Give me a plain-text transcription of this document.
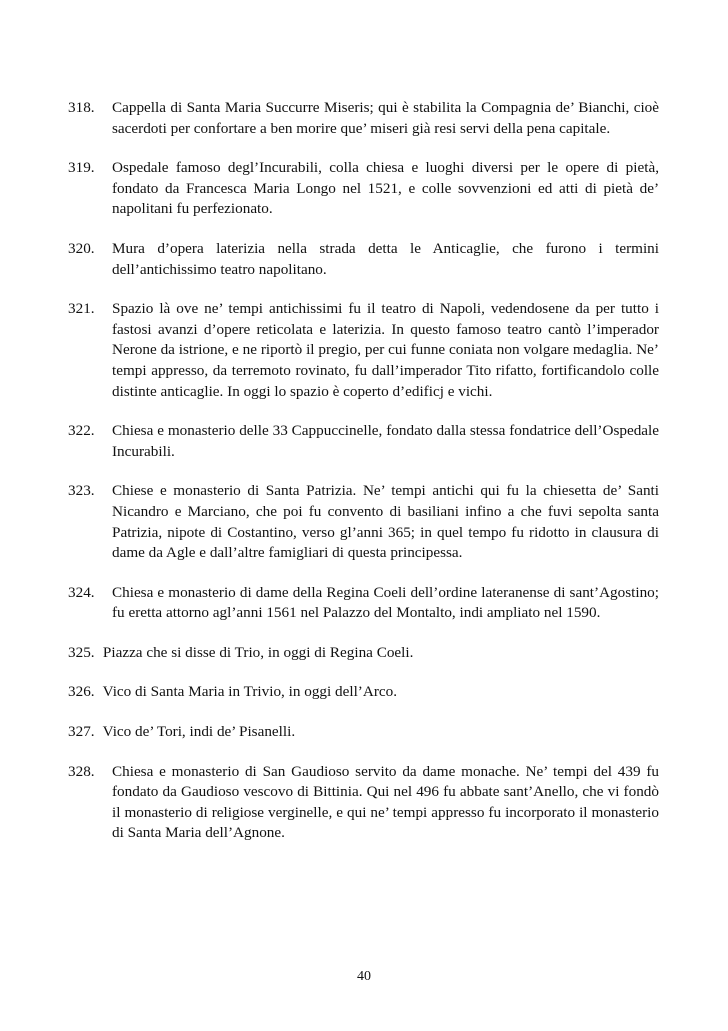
318. Cappella di Santa Maria Succurre Miseris; qui è stabilita la Compagnia de’ Bianchi, cioè sacerdoti per confortare a ben morire que’ miseri già resi servi della pena capitale.
319. Ospedale famoso degl’Incurabili, colla chiesa e luoghi diversi per le opere di pietà, fondato da Francesca Maria Longo nel 1521, e colle sovvenzioni ed atti di pietà de’ napolitani fu perfezionato.
320. Mura d’opera laterizia nella strada detta le Anticaglie, che furono i termini dell’antichissimo teatro napolitano.
321. Spazio là ove ne’ tempi antichissimi fu il teatro di Napoli, vedendosene da per tutto i fastosi avanzi d’opere reticolata e laterizia. In questo famoso teatro cantò l’imperador Nerone da istrione, e ne riportò il pregio, per cui funne coniata non volgare medaglia. Ne’ tempi appresso, da terremoto rovinato, fu dall’imperador Tito rifatto, fortificandolo colle distinte anticaglie. In oggi lo spazio è coperto d’edificj e vichi.
322. Chiesa e monasterio delle 33 Cappuccinelle, fondato dalla stessa fondatrice dell’Ospedale Incurabili.
323. Chiese e monasterio di Santa Patrizia. Ne’ tempi antichi qui fu la chiesetta de’ Santi Nicandro e Marciano, che poi fu convento di basiliani infino a che fuvi sepolta santa Patrizia, nipote di Costantino, verso gl’anni 365; in quel tempo fu ridotto in clausura di dame da Agle e dall’altre famigliari di questa principessa.
324. Chiesa e monasterio di dame della Regina Coeli dell’ordine lateranense di sant’Agostino; fu eretta attorno agl’anni 1561 nel Palazzo del Montalto, indi ampliato nel 1590.
325. Piazza che si disse di Trio, in oggi di Regina Coeli.
326. Vico di Santa Maria in Trivio, in oggi dell’Arco.
327. Vico de’ Tori, indi de’ Pisanelli.
328. Chiesa e monasterio di San Gaudioso servito da dame monache. Ne’ tempi del 439 fu fondato da Gaudioso vescovo di Bittinia. Qui nel 496 fu abbate sant’Anello, che vi fondò il monasterio di religiose verginelle, e qui ne’ tempi appresso fu incorporato il monasterio di Santa Maria dell’Agnone.
40
